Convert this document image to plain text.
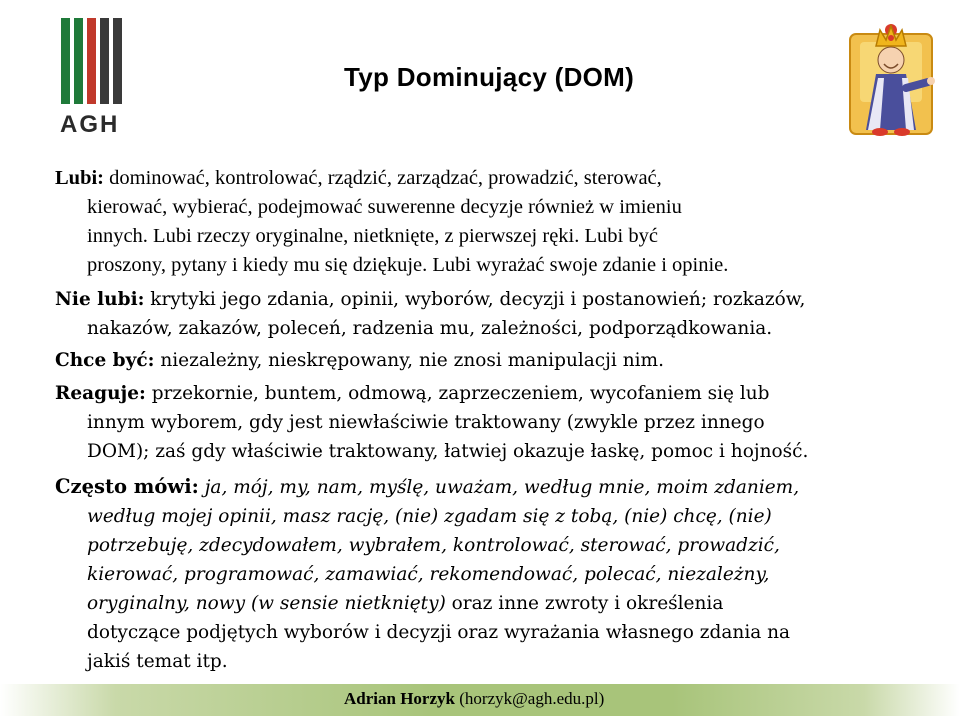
AGH
Typ Dominujący (DOM)

Lubi: dominować, kontrolować, rządzić, zarządzać, prowadzić, sterować,
kierować, wybierać, podejmować suwerenne decyzje również w imieniu
innych. Lubi rzeczy oryginalne, nietknięte, z pierwszej ręki. Lubi być
proszony, pytany i kiedy mu się dziękuje. Lubi wyrażać swoje zdanie i opinie.

Nie lubi: krytyki jego zdania, opinii, wyborów, decyzji i postanowień; rozkazów,
nakazów, zakazów, poleceń, radzenia mu, zależności, podporządkowania.

Chce być: niezależny, nieskrępowany, nie znosi manipulacji nim.

Reaguje: przekornie, buntem, odmową, zaprzeczeniem, wycofaniem się lub
innym wyborem, gdy jest niewłaściwie traktowany (zwykle przez innego
DOM); zaś gdy właściwie traktowany, łatwiej okazuje łaskę, pomoc i hojność.

Często mówi: ja, mój, my, nam, myślę, uważam, według mnie, moim zdaniem,
według mojej opinii, masz rację, (nie) zgadam się z tobą, (nie) chcę, (nie)
potrzebuję, zdecydowałem, wybrałem, kontrolować, sterować, prowadzić,
kierować, programować, zamawiać, rekomendować, polecać, niezależny,
oryginalny, nowy (w sensie nietknięty) oraz inne zwroty i określenia
dotyczące podjętych wyborów i decyzji oraz wyrażania własnego zdania na
jakiś temat itp.

Adrian Horzyk (horzyk@agh.edu.pl)
